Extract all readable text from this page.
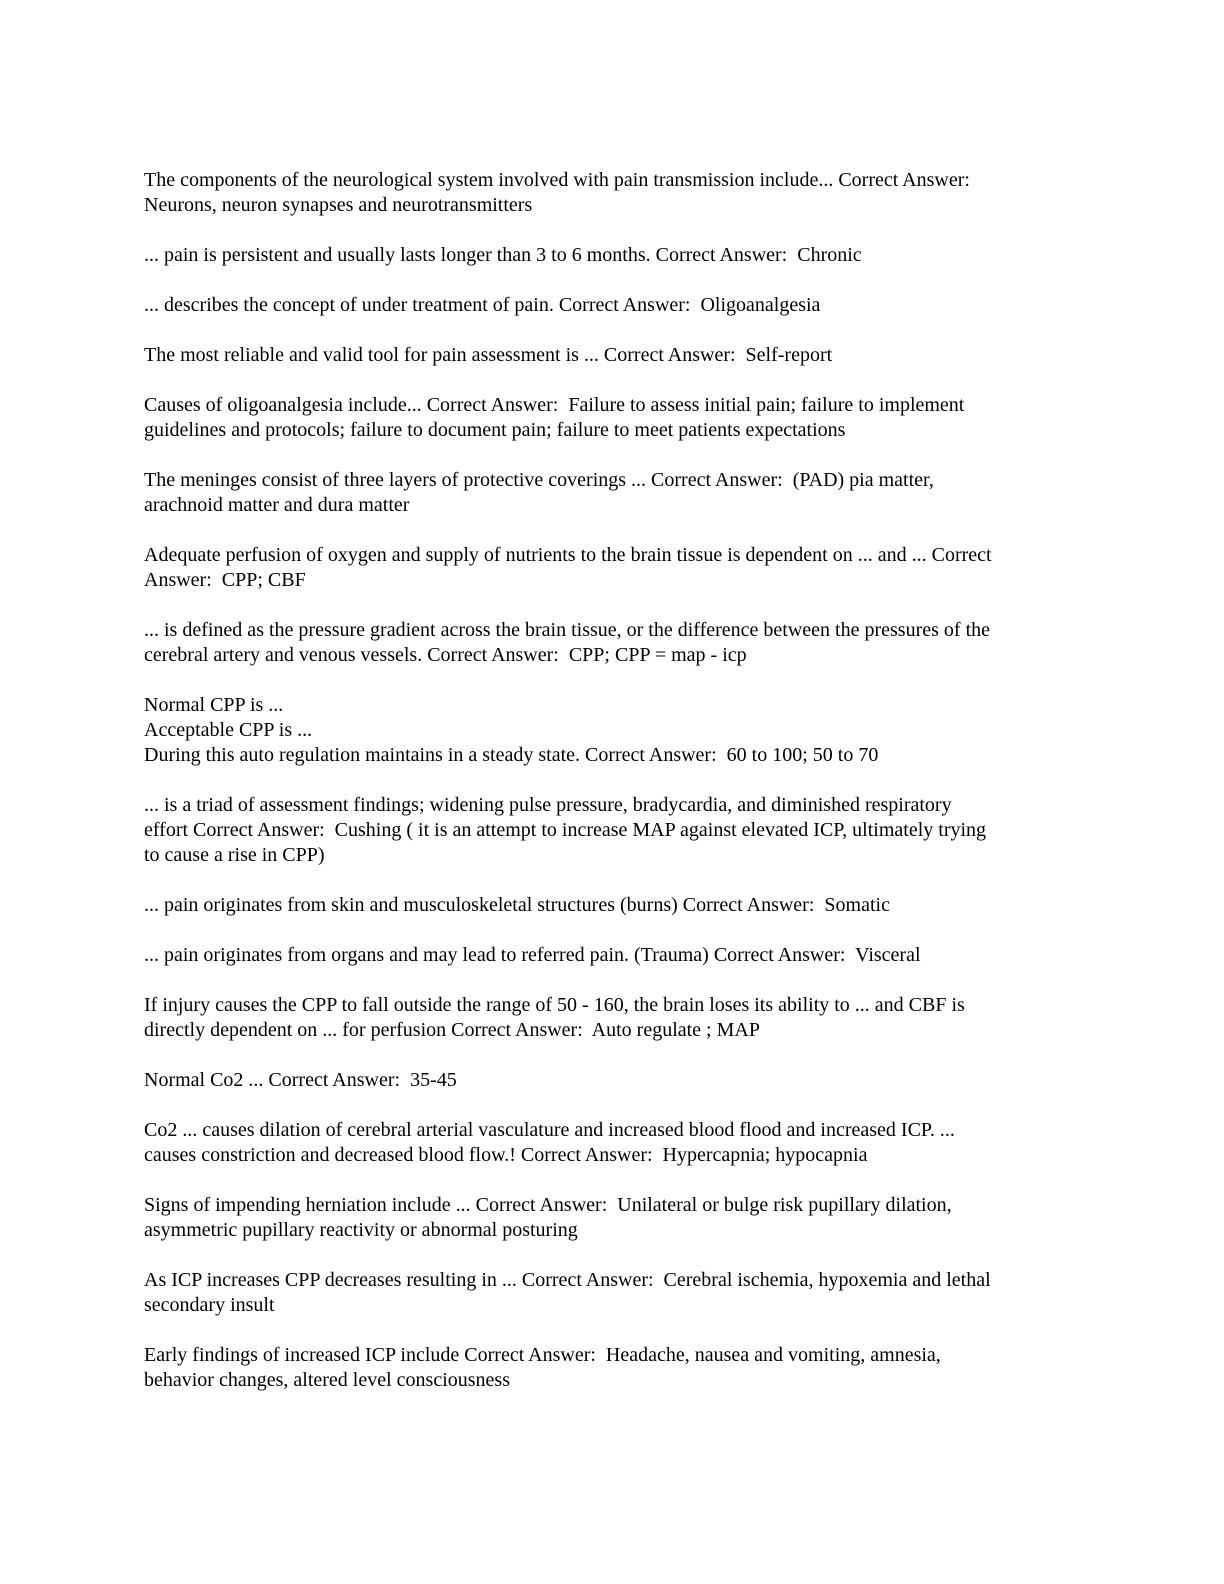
The components of the neurological system involved with pain transmission include... Correct Answer:
Neurons, neuron synapses and neurotransmitters
... pain is persistent and usually lasts longer than 3 to 6 months. Correct Answer:  Chronic
... describes the concept of under treatment of pain. Correct Answer:  Oligoanalgesia
The most reliable and valid tool for pain assessment is ... Correct Answer:  Self-report
Causes of oligoanalgesia include... Correct Answer:  Failure to assess initial pain; failure to implement
guidelines and protocols; failure to document pain; failure to meet patients expectations
The meninges consist of three layers of protective coverings ... Correct Answer:  (PAD) pia matter,
arachnoid matter and dura matter
Adequate perfusion of oxygen and supply of nutrients to the brain tissue is dependent on ... and ... Correct
Answer:  CPP; CBF
... is defined as the pressure gradient across the brain tissue, or the difference between the pressures of the
cerebral artery and venous vessels. Correct Answer:  CPP; CPP = map - icp
Normal CPP is ...
Acceptable CPP is ...
During this auto regulation maintains in a steady state. Correct Answer:  60 to 100; 50 to 70
... is a triad of assessment findings; widening pulse pressure, bradycardia, and diminished respiratory
effort Correct Answer:  Cushing ( it is an attempt to increase MAP against elevated ICP, ultimately trying
to cause a rise in CPP)
... pain originates from skin and musculoskeletal structures (burns) Correct Answer:  Somatic
... pain originates from organs and may lead to referred pain. (Trauma) Correct Answer:  Visceral
If injury causes the CPP to fall outside the range of 50 - 160, the brain loses its ability to ... and CBF is
directly dependent on ... for perfusion Correct Answer:  Auto regulate ; MAP
Normal Co2 ... Correct Answer:  35-45
Co2 ... causes dilation of cerebral arterial vasculature and increased blood flood and increased ICP. ...
causes constriction and decreased blood flow.! Correct Answer:  Hypercapnia; hypocapnia
Signs of impending herniation include ... Correct Answer:  Unilateral or bulge risk pupillary dilation,
asymmetric pupillary reactivity or abnormal posturing
As ICP increases CPP decreases resulting in ... Correct Answer:  Cerebral ischemia, hypoxemia and lethal
secondary insult
Early findings of increased ICP include Correct Answer:  Headache, nausea and vomiting, amnesia,
behavior changes, altered level consciousness
